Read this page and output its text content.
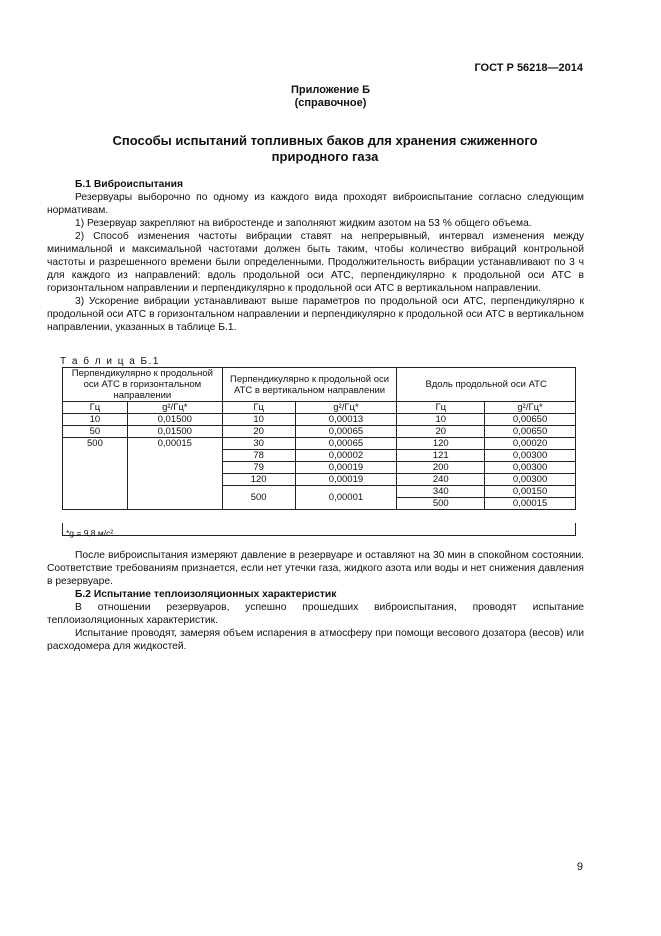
ГОСТ Р 56218—2014
Приложение Б
(справочное)
Способы испытаний топливных баков для хранения сжиженного
природного газа

Б.1 Виброиспытания

Резервуары выборочно по одному из каждого вида проходят виброиспытание согласно следующим нормативам.

1) Резервуар закрепляют на вибростенде и заполняют жидким азотом на 53 % общего объема.

2) Способ изменения частоты вибрации ставят на непрерывный, интервал изменения между минимальной и максимальной частотами должен быть таким, чтобы количество вибраций контрольной частоты и разрешенного времени были определенными. Продолжительность вибрации устанавливают по 3 ч для каждого из направлений: вдоль продольной оси АТС, перпендикулярно к продольной оси АТС в горизонтальном направлении и перпендикулярно к продольной оси АТС в вертикальном направлении.

3) Ускорение вибрации устанавливают выше параметров по продольной оси АТС, перпендикулярно к продольной оси АТС в горизонтальном направлении и перпендикулярно к продольной оси АТС в вертикальном направлении, указанных в таблице Б.1.

Т а б л и ц а Б.1
Перпендикулярно к продольной оси АТС в горизонтальном направлении		Перпендикулярно к продольной оси АТС в вертикальном направлении		Вдоль продольной оси АТС	
Гц	g²/Гц*	Гц	g²/Гц*	Гц	g²/Гц*
10	0,01500	10	0,00013	10	0,00650
50	0,01500	20	0,00065	20	0,00650
500	0,00015	30	0,00065	120	0,00020
		78	0,00002	121	0,00300
		79	0,00019	200	0,00300
		120	0,00019	240	0,00300
		500	0,00001	340	0,00150
				500	0,00015
*g = 9,8 м/с²

После виброиспытания измеряют давление в резервуаре и оставляют на 30 мин в спокойном состоянии. Соответствие требованиям признается, если нет утечки газа, жидкого азота или воды и нет снижения давления в резервуаре.

Б.2 Испытание теплоизоляционных характеристик

В отношении резервуаров, успешно прошедших виброиспытания, проводят испытание теплоизоляционных характеристик.

Испытание проводят, замеряя объем испарения в атмосферу при помощи весового дозатора (весов) или расходомера для жидкостей.

9
